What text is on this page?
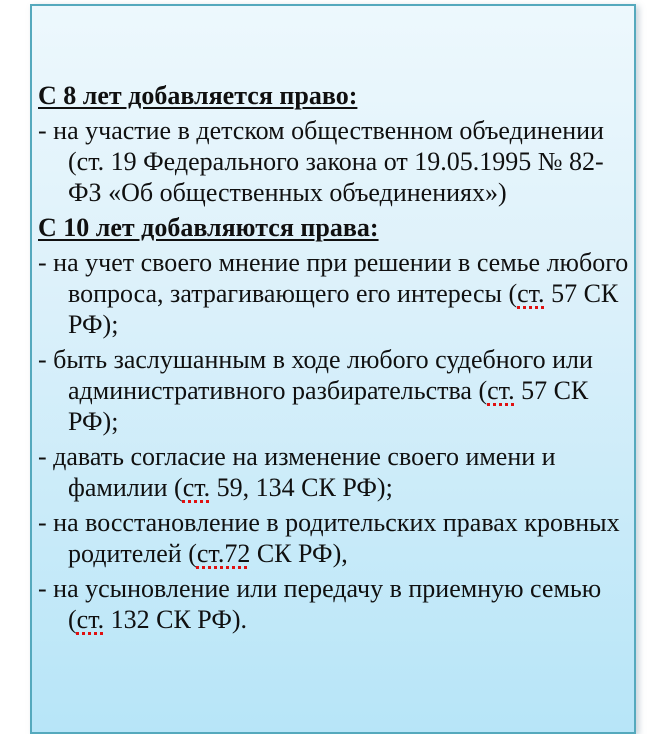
С 8 лет добавляется право:
- на участие в детском общественном объединении (ст. 19 Федерального закона от 19.05.1995 № 82-ФЗ «Об общественных объединениях»)
С 10 лет добавляются права:
- на учет своего мнение при решении в семье любого вопроса, затрагивающего его интересы (ст. 57 СК РФ);
- быть заслушанным в ходе любого судебного или административного разбирательства (ст. 57 СК РФ);
- давать согласие на изменение своего имени и фамилии (ст. 59, 134 СК РФ);
- на восстановление в родительских правах кровных родителей (ст.72 СК РФ),
- на усыновление или передачу в приемную семью (ст. 132 СК РФ).
